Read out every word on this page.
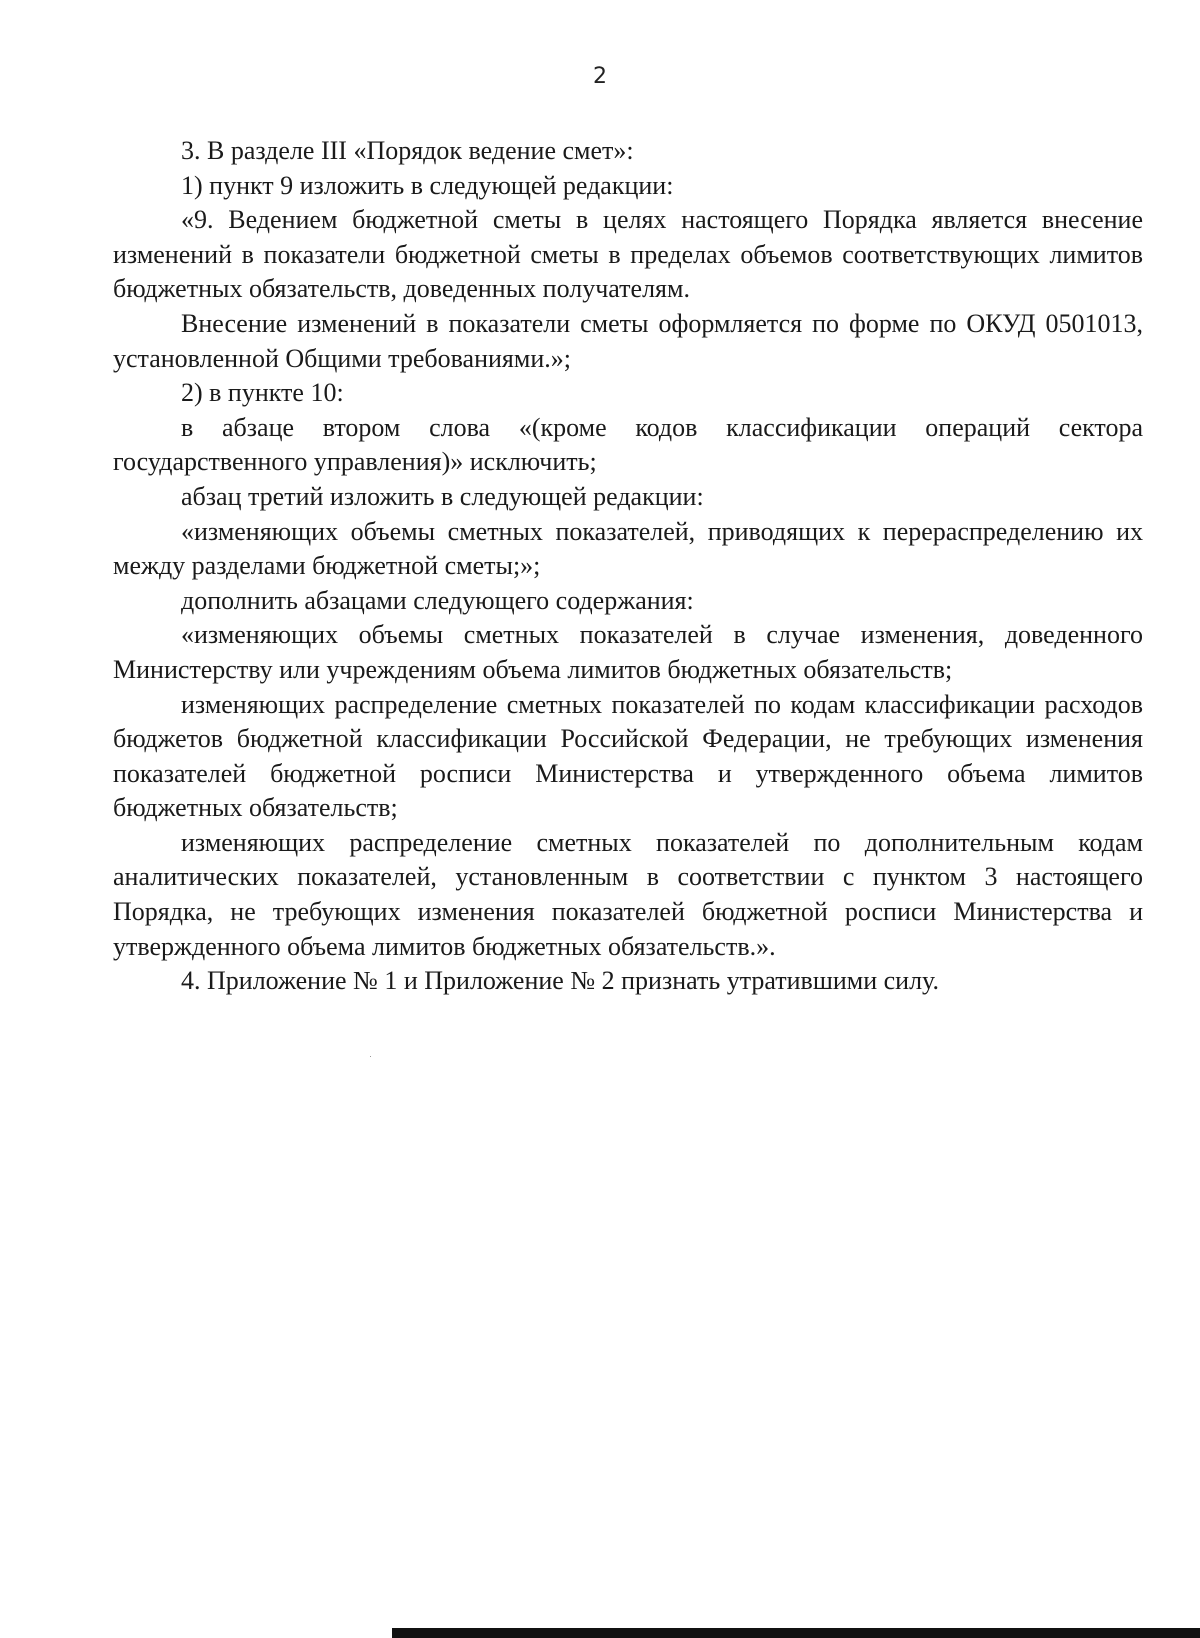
2

3. В разделе III «Порядок ведение смет»:

1) пункт 9 изложить в следующей редакции:

«9. Ведением бюджетной сметы в целях настоящего Порядка является внесение изменений в показатели бюджетной сметы в пределах объемов соответствующих лимитов бюджетных обязательств, доведенных получателям.

Внесение изменений в показатели сметы оформляется по форме по ОКУД 0501013, установленной Общими требованиями.»;

2) в пункте 10:

в абзаце втором слова «(кроме кодов классификации операций сектора государственного управления)» исключить;

абзац третий изложить в следующей редакции:

«изменяющих объемы сметных показателей, приводящих к перераспределению их между разделами бюджетной сметы;»;

дополнить абзацами следующего содержания:

«изменяющих объемы сметных показателей в случае изменения, доведенного Министерству или учреждениям объема лимитов бюджетных обязательств;

изменяющих распределение сметных показателей по кодам классификации расходов бюджетов бюджетной классификации Российской Федерации, не требующих изменения показателей бюджетной росписи Министерства и утвержденного объема лимитов бюджетных обязательств;

изменяющих распределение сметных показателей по дополнительным кодам аналитических показателей, установленным в соответствии с пунктом 3 настоящего Порядка, не требующих изменения показателей бюджетной росписи Министерства и утвержденного объема лимитов бюджетных обязательств.».

4. Приложение № 1 и Приложение № 2 признать утратившими силу.
